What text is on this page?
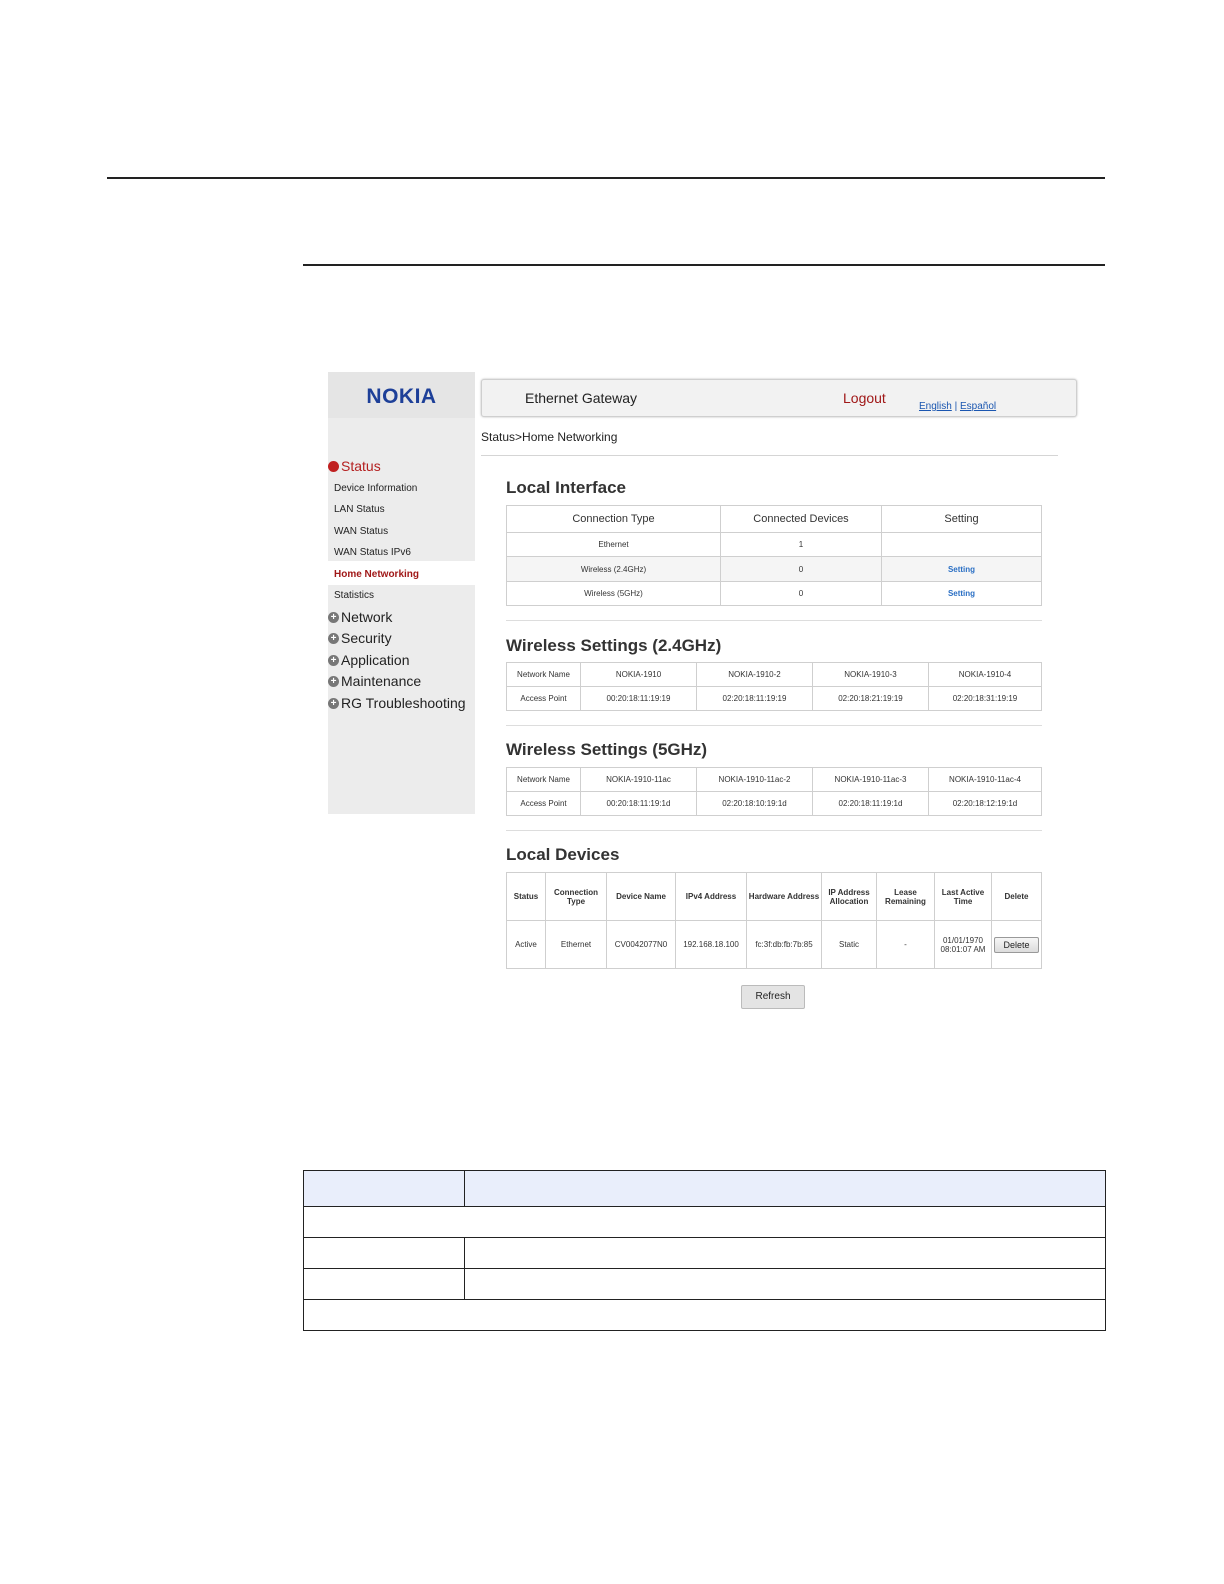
NOKIA
Status
Device Information
LAN Status
WAN Status
WAN Status IPv6
Home Networking
Statistics
+ Network
+ Security
+ Application
+ Maintenance
+ RG Troubleshooting
Ethernet Gateway	Logout
English | Español
Status>Home Networking
Local Interface
Connection Type	Connected Devices	Setting
Ethernet	1	
Wireless (2.4GHz)	0	Setting
Wireless (5GHz)	0	Setting
Wireless Settings (2.4GHz)
Network Name	NOKIA-1910	NOKIA-1910-2	NOKIA-1910-3	NOKIA-1910-4
Access Point	00:20:18:11:19:19	02:20:18:11:19:19	02:20:18:21:19:19	02:20:18:31:19:19
Wireless Settings (5GHz)
Network Name	NOKIA-1910-11ac	NOKIA-1910-11ac-2	NOKIA-1910-11ac-3	NOKIA-1910-11ac-4
Access Point	00:20:18:11:19:1d	02:20:18:10:19:1d	02:20:18:11:19:1d	02:20:18:12:19:1d
Local Devices
Status	Connection Type	Device Name	IPv4 Address	Hardware Address	IP Address Allocation	Lease Remaining	Last Active Time	Delete
Active	Ethernet	CV0042077N0	192.168.18.100	fc:3f:db:fb:7b:85	Static	-	01/01/1970 08:01:07 AM	Delete
Refresh
